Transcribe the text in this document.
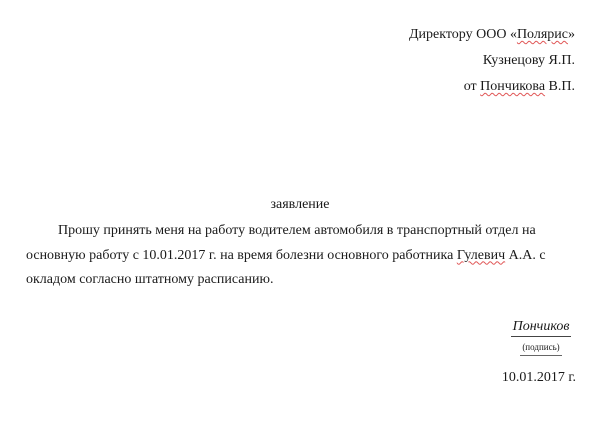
Директору ООО «Полярис»
Кузнецову Я.П.
от Пончикова В.П.
заявление
Прошу принять меня на работу водителем автомобиля в транспортный отдел на
основную работу с 10.01.2017 г. на время болезни основного работника Гулевич А.А. с
окладом согласно штатному расписанию.
Пончиков
(подпись)
10.01.2017 г.
